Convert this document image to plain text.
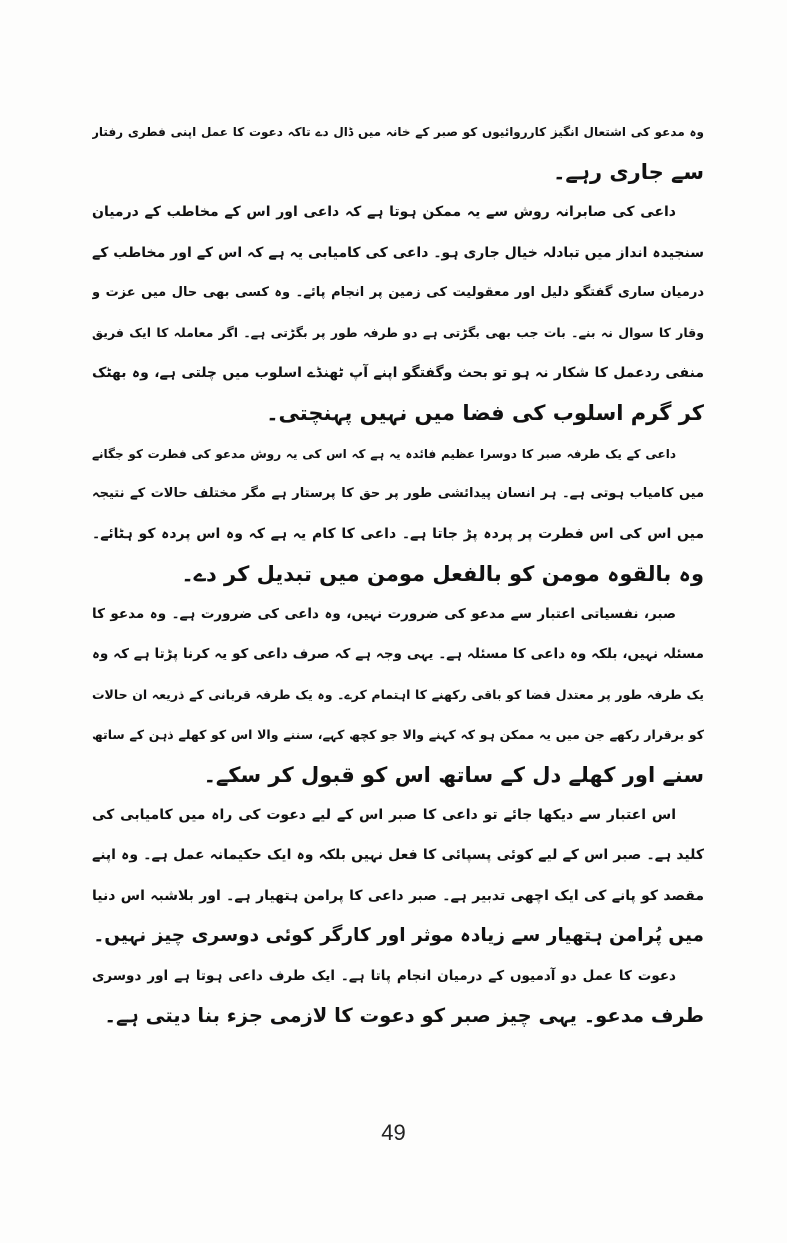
وہ مدعو کی اشتعال انگیز کارروائیوں کو صبر کے خانہ میں ڈال دے تاکہ دعوت کا عمل اپنی فطری رفتار
سے جاری رہے۔
داعی کی صابرانہ روش سے یہ ممکن ہوتا ہے کہ داعی اور اس کے مخاطب کے درمیان
سنجیدہ انداز میں تبادلہ خیال جاری ہو۔ داعی کی کامیابی یہ ہے کہ اس کے اور مخاطب کے
درمیان ساری گفتگو دلیل اور معقولیت کی زمین پر انجام پائے۔ وہ کسی بھی حال میں عزت و
وقار کا سوال نہ بنے۔ بات جب بھی بگڑتی ہے دو طرفہ طور پر بگڑتی ہے۔ اگر معاملہ کا ایک فریق
منفی ردعمل کا شکار نہ ہو تو بحث وگفتگو اپنے آپ ٹھنڈے اسلوب میں چلتی ہے، وہ بھٹک
کر گرم اسلوب کی فضا میں نہیں پہنچتی۔
داعی کے یک طرفہ صبر کا دوسرا عظیم فائدہ یہ ہے کہ اس کی یہ روش مدعو کی فطرت کو جگانے
میں کامیاب ہوتی ہے۔ ہر انسان پیدائشی طور پر حق کا پرستار ہے مگر مختلف حالات کے نتیجہ
میں اس کی اس فطرت پر پردہ پڑ جاتا ہے۔ داعی کا کام یہ ہے کہ وہ اس پردہ کو ہٹائے۔
وہ بالقوہ مومن کو بالفعل مومن میں تبدیل کر دے۔
صبر، نفسیاتی اعتبار سے مدعو کی ضرورت نہیں، وہ داعی کی ضرورت ہے۔ وہ مدعو کا
مسئلہ نہیں، بلکہ وہ داعی کا مسئلہ ہے۔ یہی وجہ ہے کہ صرف داعی کو یہ کرنا پڑتا ہے کہ وہ
یک طرفہ طور پر معتدل فضا کو باقی رکھنے کا اہتمام کرے۔ وہ یک طرفہ قربانی کے ذریعہ ان حالات
کو برقرار رکھے جن میں یہ ممکن ہو کہ کہنے والا جو کچھ کہے، سننے والا اس کو کھلے ذہن کے ساتھ
سنے اور کھلے دل کے ساتھ اس کو قبول کر سکے۔
اس اعتبار سے دیکھا جائے تو داعی کا صبر اس کے لیے دعوت کی راہ میں کامیابی کی
کلید ہے۔ صبر اس کے لیے کوئی پسپائی کا فعل نہیں بلکہ وہ ایک حکیمانہ عمل ہے۔ وہ اپنے
مقصد کو پانے کی ایک اچھی تدبیر ہے۔ صبر داعی کا پرامن ہتھیار ہے۔ اور بلاشبہ اس دنیا
میں پُرامن ہتھیار سے زیادہ موثر اور کارگر کوئی دوسری چیز نہیں۔
دعوت کا عمل دو آدمیوں کے درمیان انجام پاتا ہے۔ ایک طرف داعی ہوتا ہے اور دوسری
طرف مدعو۔ یہی چیز صبر کو دعوت کا لازمی جزء بنا دیتی ہے۔
49
